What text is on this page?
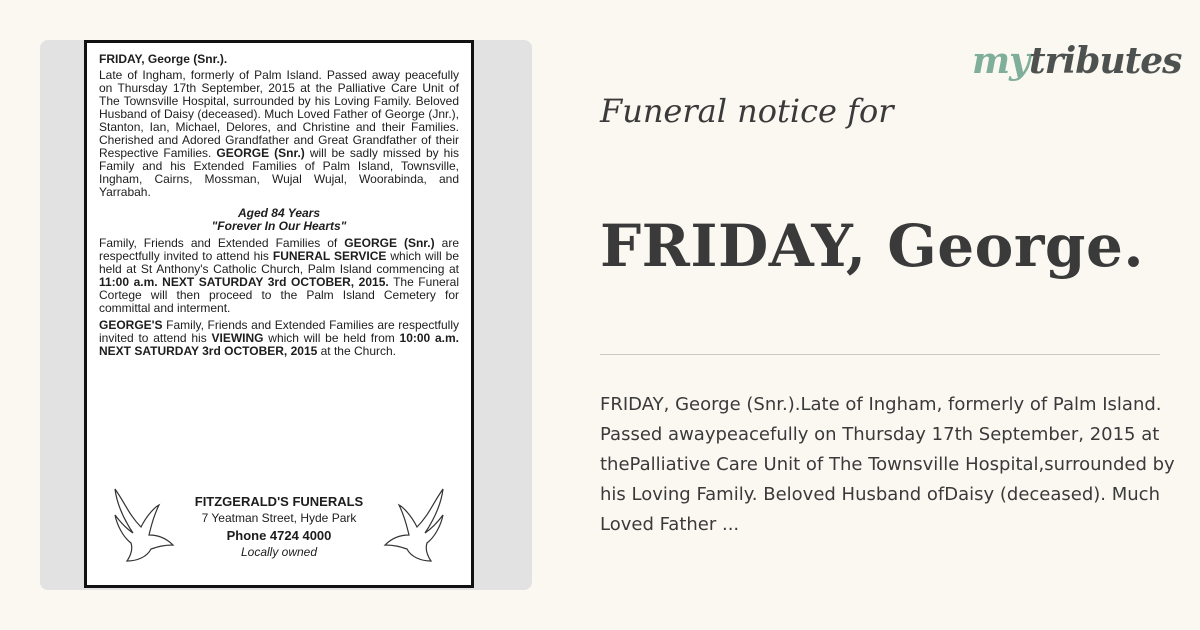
FRIDAY, George (Snr.).

Late of Ingham, formerly of Palm Island. Passed away peacefully on Thursday 17th September, 2015 at the Palliative Care Unit of The Townsville Hospital, surrounded by his Loving Family. Beloved Husband of Daisy (deceased). Much Loved Father of George (Jnr.), Stanton, Ian, Michael, Delores, and Christine and their Families. Cherished and Adored Grandfather and Great Grandfather of their Respective Families. GEORGE (Snr.) will be sadly missed by his Family and his Extended Families of Palm Island, Townsville, Ingham, Cairns, Mossman, Wujal Wujal, Woorabinda, and Yarrabah.

Aged 84 Years
"Forever In Our Hearts"

Family, Friends and Extended Families of GEORGE (Snr.) are respectfully invited to attend his FUNERAL SERVICE which will be held at St Anthony's Catholic Church, Palm Island commencing at 11:00 a.m. NEXT SATURDAY 3rd OCTOBER, 2015. The Funeral Cortege will then proceed to the Palm Island Cemetery for committal and interment.

GEORGE'S Family, Friends and Extended Families are respectfully invited to attend his VIEWING which will be held from 10:00 a.m. NEXT SATURDAY 3rd OCTOBER, 2015 at the Church.

FITZGERALD'S FUNERALS
7 Yeatman Street, Hyde Park
Phone 4724 4000
Locally owned
mytributes
Funeral notice for
FRIDAY, George.
FRIDAY, George (Snr.).Late of Ingham, formerly of Palm Island. Passed awaypeacefully on Thursday 17th September, 2015 at thePalliative Care Unit of The Townsville Hospital,surrounded by his Loving Family. Beloved Husband ofDaisy (deceased). Much Loved Father ...
